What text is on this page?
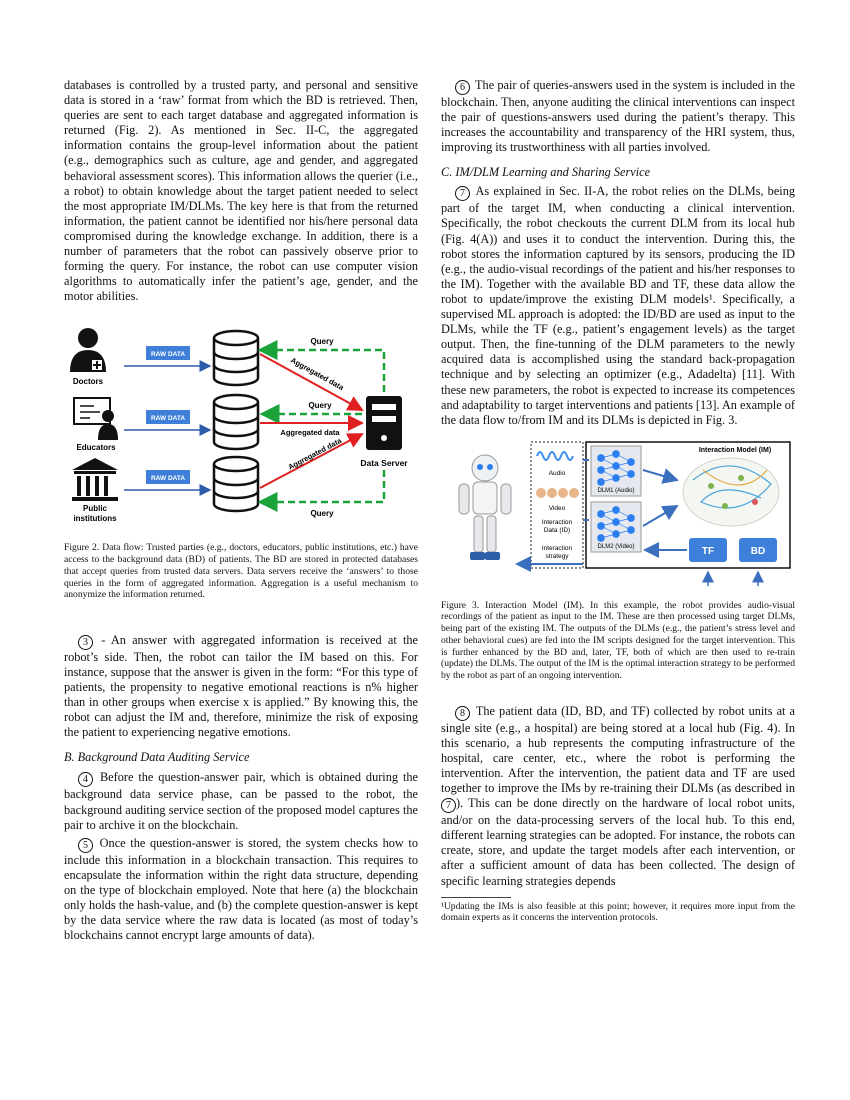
databases is controlled by a trusted party, and personal and sensitive data is stored in a ‘raw’ format from which the BD is retrieved. Then, queries are sent to each target database and aggregated information is returned (Fig. 2). As mentioned in Sec. II-C, the aggregated information contains the group-level information about the patient (e.g., demographics such as culture, age and gender, and aggregated behavioral assessment scores). This information allows the querier (i.e., a robot) to obtain knowledge about the target patient needed to select the most appropriate IM/DLMs. The key here is that from the returned information, the patient cannot be identified nor his/here personal data compromised during the knowledge exchange. In addition, there is a number of parameters that the robot can passively observe prior to forming the query. For instance, the robot can use computer vision algorithms to automatically infer the patient’s age, gender, and the motor abilities.

Doctors
Educators
Public
institutions
RAW DATA
RAW DATA
RAW DATA
Data Server
Query
Query
Query
Aggregated data
Aggregated data
Aggregated data

Figure 2. Data flow: Trusted parties (e.g., doctors, educators, public institutions, etc.) have access to the background data (BD) of patients. The BD are stored in protected databases that accept queries from trusted data servers. Data servers receive the ‘answers’ to those queries in the form of aggregated information. Aggregation is a useful mechanism to anonymize the information returned.

3 - An answer with aggregated information is received at the robot’s side. Then, the robot can tailor the IM based on this. For instance, suppose that the answer is given in the form: “For this type of patients, the propensity to negative emotional reactions is n% higher than in other groups when exercise x is applied.” By knowing this, the robot can adjust the IM and, therefore, minimize the risk of exposing the patient to experiencing negative emotions.

B. Background Data Auditing Service

4 Before the question-answer pair, which is obtained during the background data service phase, can be passed to the robot, the background auditing service section of the proposed model captures the pair to archive it on the blockchain.

5 Once the question-answer is stored, the system checks how to include this information in a blockchain transaction. This requires to encapsulate the information within the right data structure, depending on the type of blockchain employed. Note that here (a) the blockchain only holds the hash-value, and (b) the complete question-answer is kept by the data service where the raw data is located (as most of today’s blockchains cannot encrypt large amounts of data).

6 The pair of queries-answers used in the system is included in the blockchain. Then, anyone auditing the clinical interventions can inspect the pair of questions-answers used during the patient’s therapy. This increases the accountability and transparency of the HRI system, thus, improving its trustworthiness with all parties involved.

C. IM/DLM Learning and Sharing Service

7 As explained in Sec. II-A, the robot relies on the DLMs, being part of the target IM, when conducting a clinical intervention. Specifically, the robot checkouts the current DLM from its local hub (Fig. 4(A)) and uses it to conduct the intervention. During this, the robot stores the information captured by its sensors, producing the ID (e.g., the audio-visual recordings of the patient and his/her responses to the IM). Together with the available BD and TF, these data allow the robot to update/improve the existing DLM models¹. Specifically, a supervised ML approach is adopted: the ID/BD are used as input to the DLMs, while the TF (e.g., patient’s engagement levels) as the target output. Then, the fine-tunning of the DLM parameters to the newly acquired data is accomplished using the standard back-propagation technique and by selecting an optimizer (e.g., Adadelta) [11]. With these new parameters, the robot is expected to increase its competences and adaptability to target interventions and patients [13]. An example of the data flow to/from IM and its DLMs is depicted in Fig. 3.

Audio
Video
Interaction
Data (ID)
Interaction
strategy
Interaction Model (IM)
DLM1 (Audio)
DLM2 (Video)	TF	BD

Figure 3. Interaction Model (IM). In this example, the robot provides audio-visual recordings of the patient as input to the IM. These are then processed using target DLMs, being part of the existing IM. The outputs of the DLMs (e.g., the patient’s stress level and other behavioral cues) are fed into the IM scripts designed for the target intervention. This is further enhanced by the BD and, later, TF, both of which are then used to re-train (update) the DLMs. The output of the IM is the optimal interaction strategy to be performed by the robot as part of an ongoing intervention.

8 The patient data (ID, BD, and TF) collected by robot units at a single site (e.g., a hospital) are being stored at a local hub (Fig. 4). In this scenario, a hub represents the computing infrastructure of the hospital, care center, etc., where the robot is performing the intervention. After the intervention, the patient data and TF are used together to improve the IMs by re-training their DLMs (as described in 7 ). This can be done directly on the hardware of local robot units, and/or on the data-processing servers of the local hub. To this end, different learning strategies can be adopted. For instance, the robots can create, store, and update the target models after each intervention, or after a sufficient amount of data has been collected. The design of specific learning strategies depends

¹Updating the IMs is also feasible at this point; however, it requires more input from the domain experts as it concerns the intervention protocols.
